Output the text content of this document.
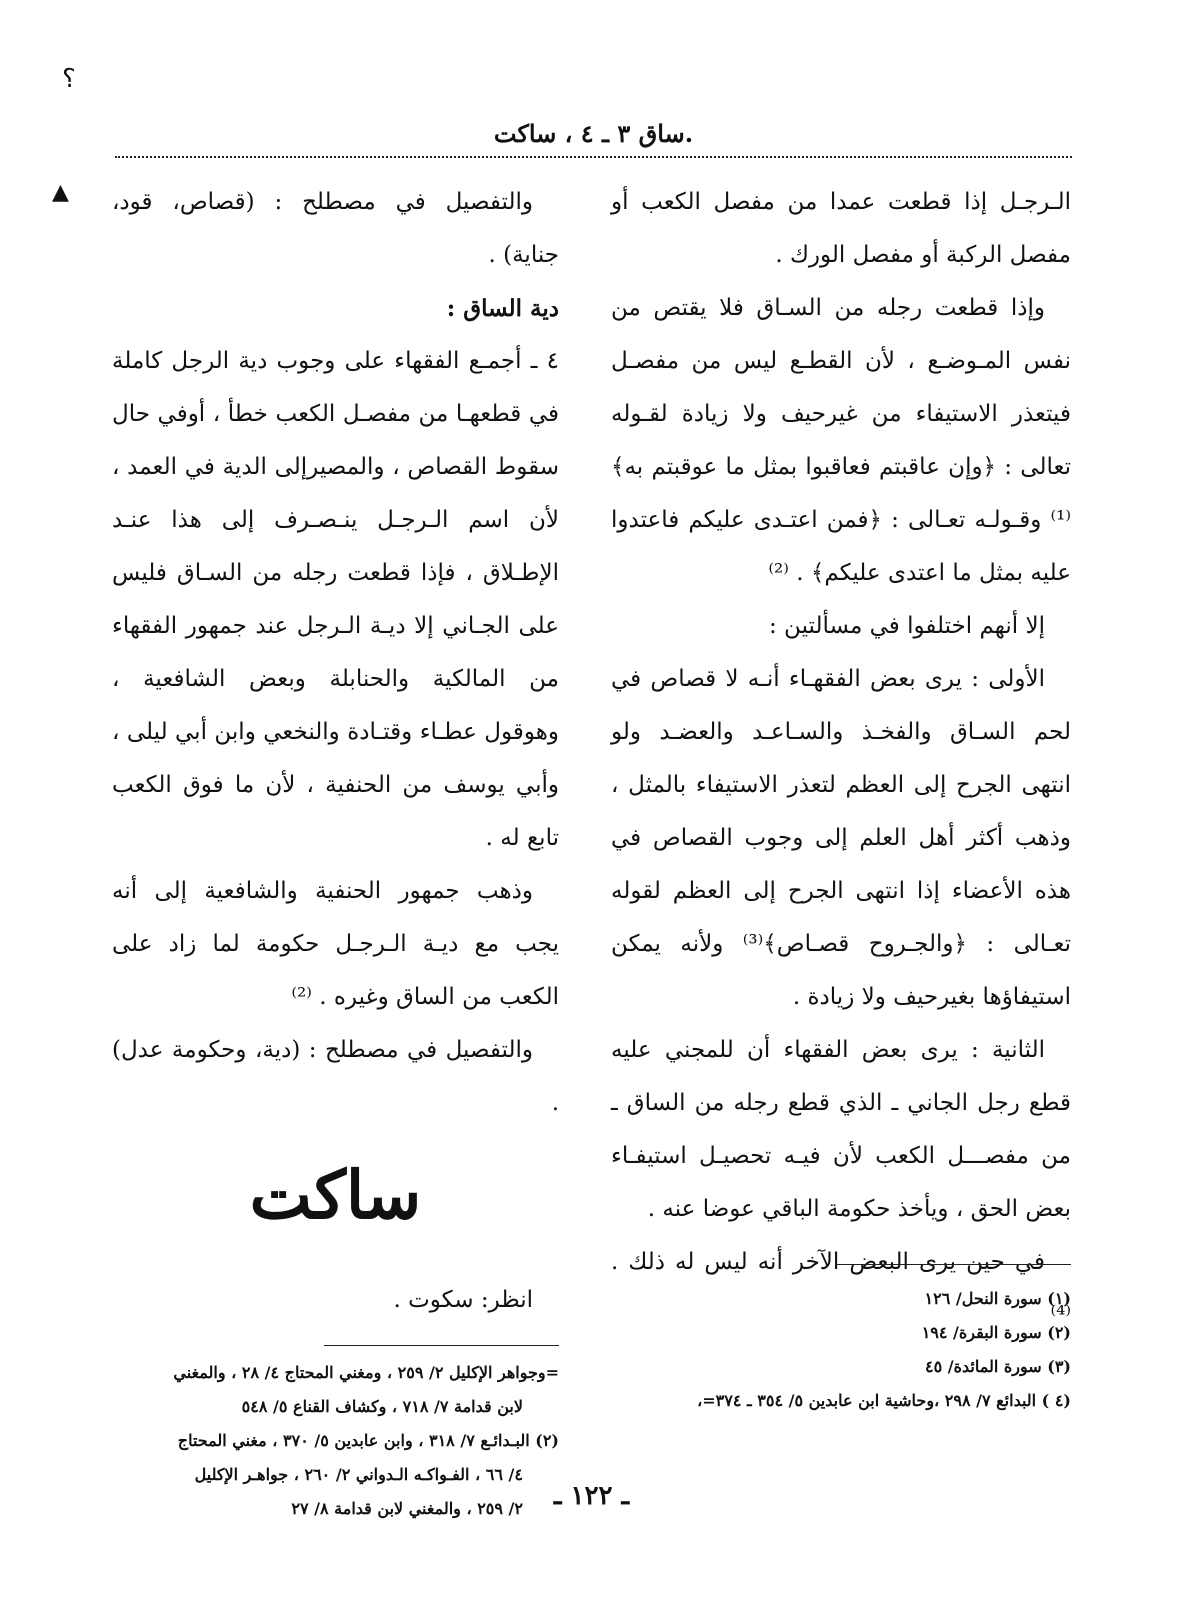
؟
▲
.ساق ٣ ـ ٤ ، ساكت

الـرجـل إذا قطعت عمدا من مفصل الكعب أو مفصل الركبة أو مفصل الورك .

وإذا قطعت رجله من السـاق فلا يقتص من نفس المـوضـع ، لأن القطـع ليس من مفصـل فيتعذر الاستيفاء من غيرحيف ولا زيادة لقـوله تعالى : ﴿وإن عاقبتم فعاقبوا بمثل ما عوقبتم به﴾⁽¹⁾ وقـولـه تعـالى : ﴿فمن اعتـدى عليكم فاعتدوا عليه بمثل ما اعتدى عليكم﴾ . ⁽²⁾

إلا أنهم اختلفوا في مسألتين :

الأولى : يرى بعض الفقهـاء أنـه لا قصاص في لحم السـاق والفخـذ والسـاعـد والعضـد ولو انتهى الجرح إلى العظم لتعذر الاستيفاء بالمثل ، وذهب أكثر أهل العلم إلى وجوب القصاص في هذه الأعضاء إذا انتهى الجرح إلى العظم لقوله تعـالى : ﴿والجـروح قصـاص﴾⁽³⁾ ولأنه يمكن استيفاؤها بغيرحيف ولا زيادة .

الثانية : يرى بعض الفقهاء أن للمجني عليه قطع رجل الجاني ـ الذي قطع رجله من الساق ـ من مفصـــل الكعب لأن فيـه تحصيـل استيفـاء بعض الحق ، ويأخذ حكومة الباقي عوضا عنه .

في حين يرى البعض الآخر أنه ليس له ذلك . ⁽⁴⁾

(١) سورة النحل/ ١٢٦

(٢) سورة البقرة/ ١٩٤

(٣) سورة المائدة/ ٤٥

(٤ ) البدائع ٧/ ٢٩٨ ،وحاشية ابن عابدين ٥/ ٣٥٤ ـ ٣٧٤=،

والتفصيل في مصطلح : (قصاص، قود، جناية) .

دية الساق :

٤ ـ أجمـع الفقهاء على وجوب دية الرجل كاملة في قطعهـا من مفصـل الكعب خطأ ، أوفي حال سقوط القصاص ، والمصيرإلى الدية في العمد ، لأن اسم الـرجـل ينـصـرف إلى هذا عنـد الإطـلاق ، فإذا قطعت رجله من السـاق فليس على الجـاني إلا ديـة الـرجل عند جمهور الفقهاء من المالكية والحنابلة وبعض الشافعية ، وهوقول عطـاء وقتـادة والنخعي وابن أبي ليلى ، وأبي يوسف من الحنفية ، لأن ما فوق الكعب تابع له .

وذهب جمهور الحنفية والشافعية إلى أنه يجب مع ديـة الـرجـل حكومة لما زاد على الكعب من الساق وغيره . ⁽²⁾

والتفصيل في مصطلح : (دية، وحكومة عدل) .

ساكت

انظر: سكوت .

=وجواهر الإكليل ٢/ ٢٥٩ ، ومغني المحتاج ٤/ ٢٨ ، والمغني

لابن قدامة ٧/ ٧١٨ ، وكشاف القناع ٥/ ٥٤٨

(٢) البـدائـع ٧/ ٣١٨ ، وابن عابدين ٥/ ٣٧٠ ، مغني المحتاج

٤/ ٦٦ ، الفـواكـه الـدواني ٢/ ٢٦٠ ، جواهـر الإكليل

٢/ ٢٥٩ ، والمغني لابن قدامة ٨/ ٢٧	ـ ١٢٢ ـ
